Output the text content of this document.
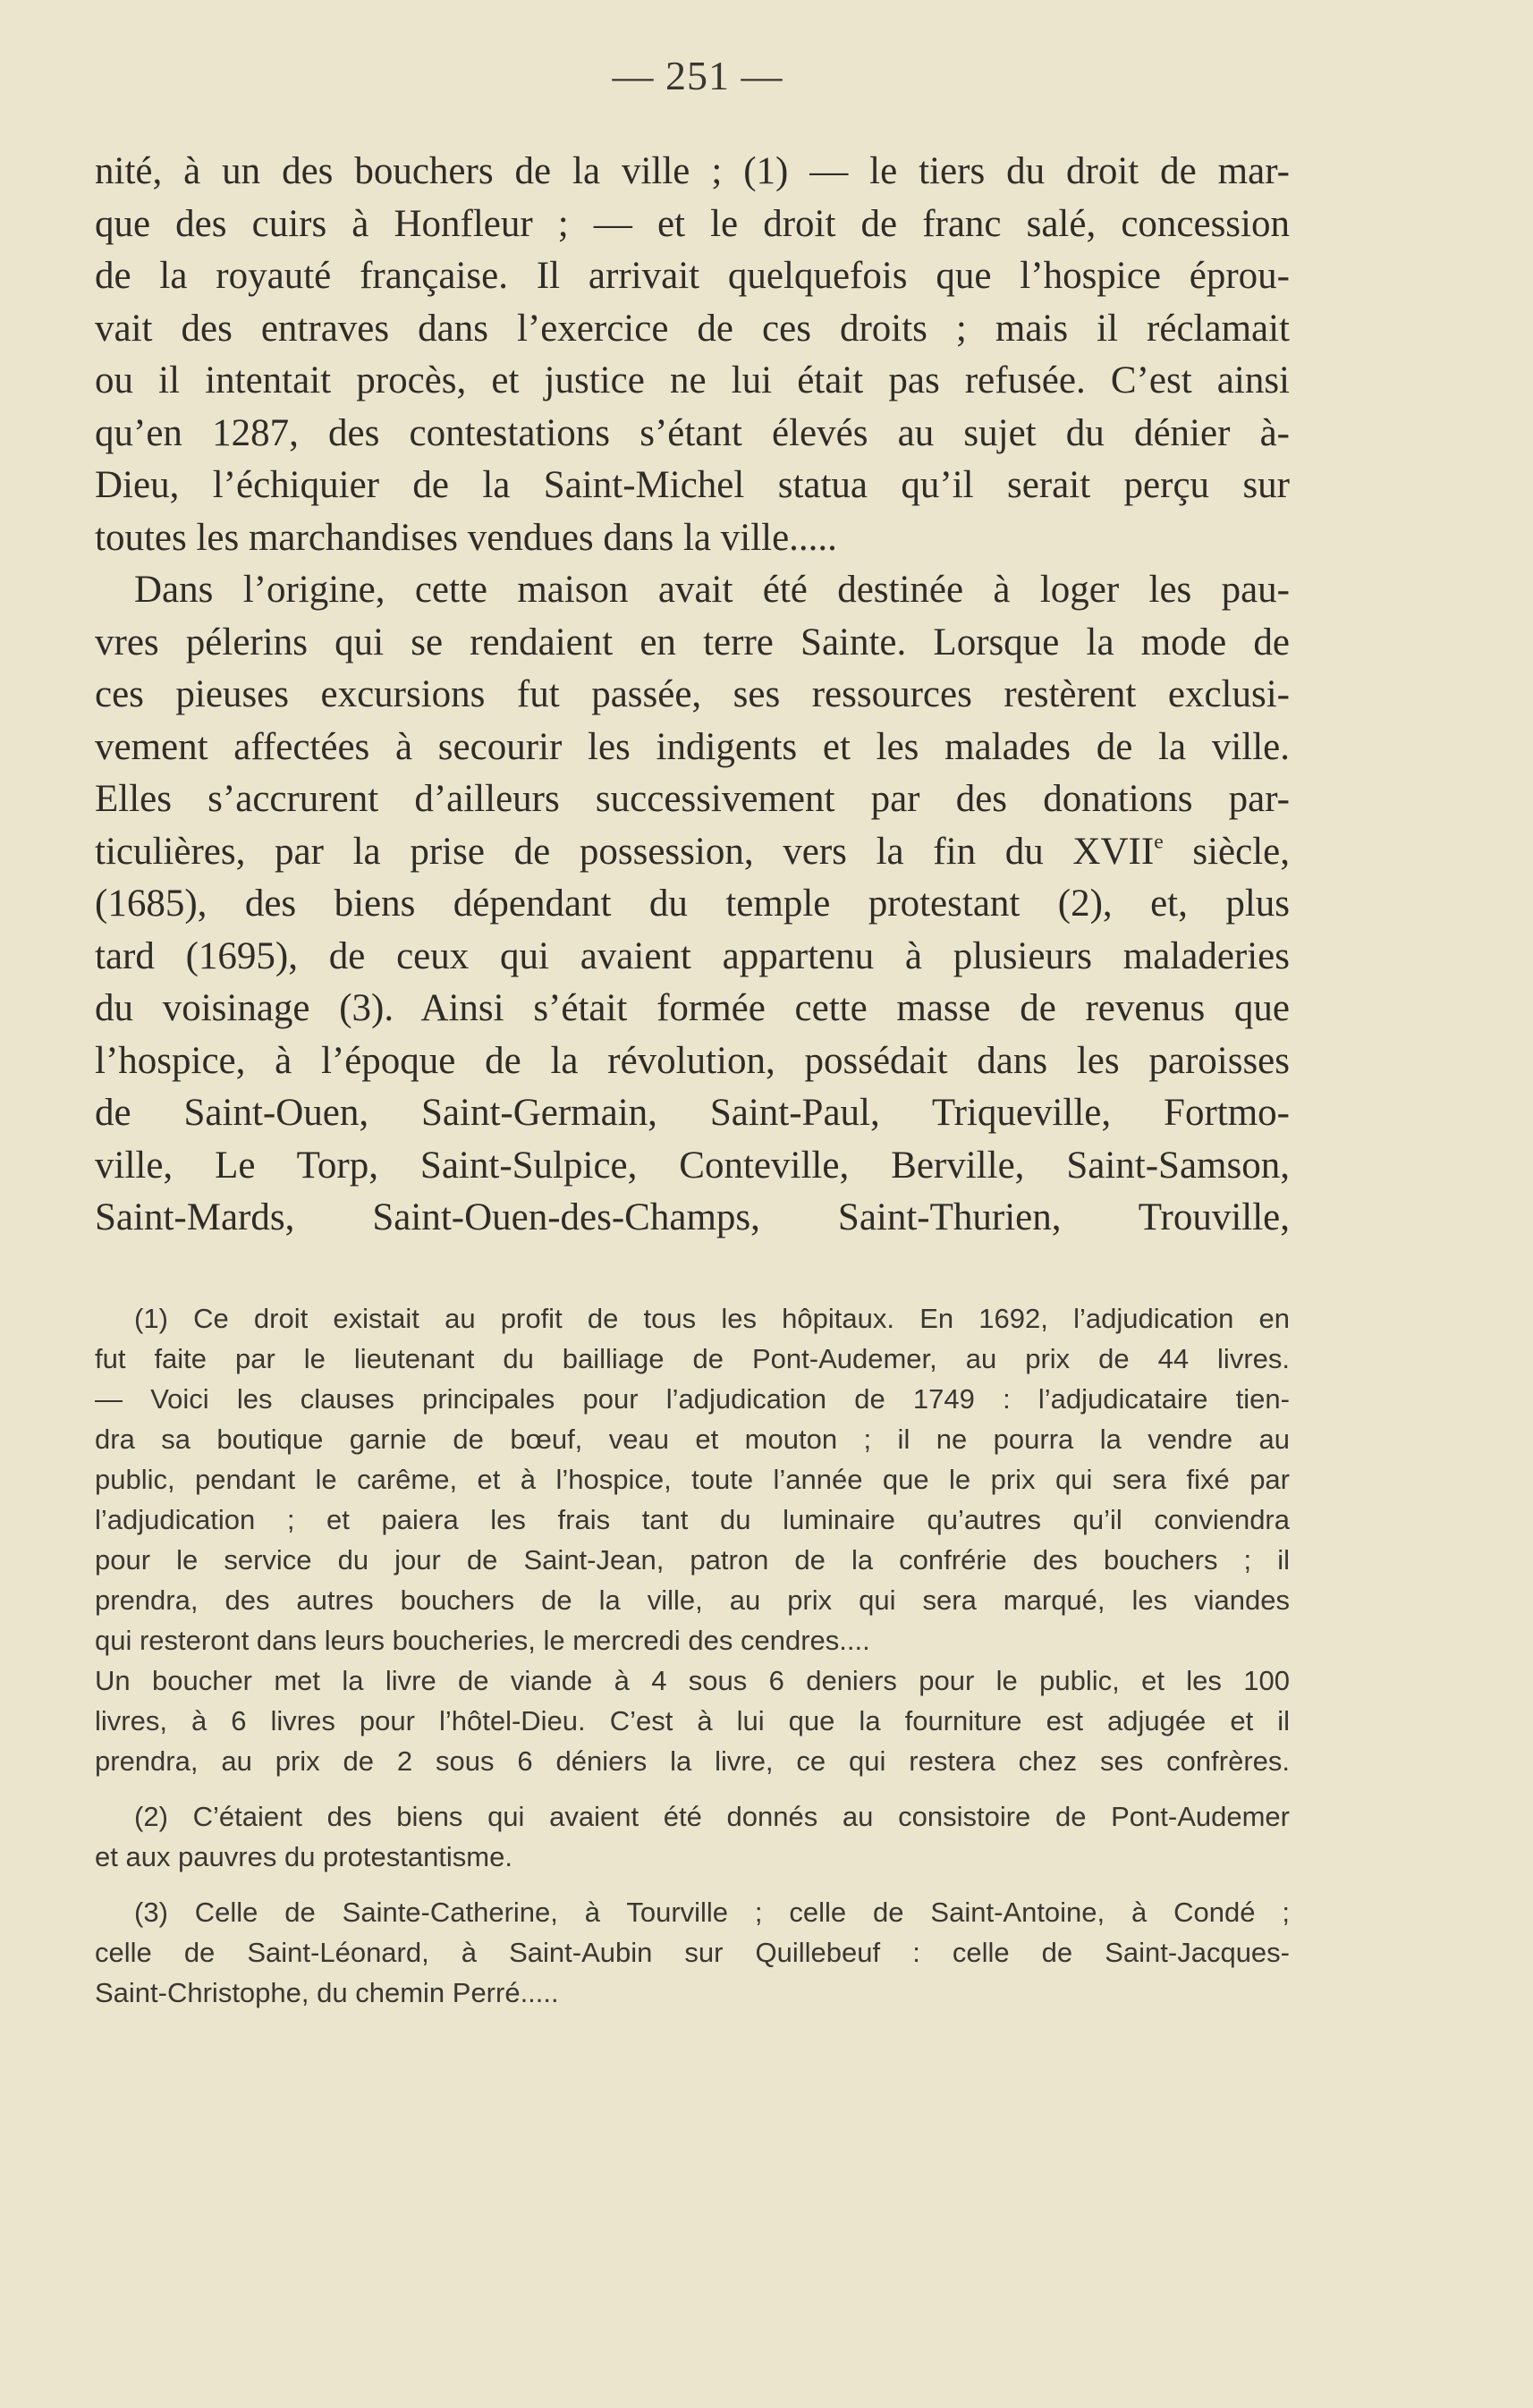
— 251 —
nité, à un des bouchers de la ville ; (1) — le tiers du droit de mar-
que des cuirs à Honfleur ; — et le droit de franc salé, concession
de la royauté française. Il arrivait quelquefois que l’hospice éprou-
vait des entraves dans l’exercice de ces droits ; mais il réclamait
ou il intentait procès, et justice ne lui était pas refusée. C’est ainsi
qu’en 1287, des contestations s’étant élevés au sujet du dénier à-
Dieu, l’échiquier de la Saint-Michel statua qu’il serait perçu sur
toutes les marchandises vendues dans la ville.....
Dans l’origine, cette maison avait été destinée à loger les pau-
vres pélerins qui se rendaient en terre Sainte. Lorsque la mode de
ces pieuses excursions fut passée, ses ressources restèrent exclusi-
vement affectées à secourir les indigents et les malades de la ville.
Elles s’accrurent d’ailleurs successivement par des donations par-
ticulières, par la prise de possession, vers la fin du XVIIe siècle,
(1685), des biens dépendant du temple protestant (2), et, plus
tard (1695), de ceux qui avaient appartenu à plusieurs maladeries
du voisinage (3). Ainsi s’était formée cette masse de revenus que
l’hospice, à l’époque de la révolution, possédait dans les paroisses
de Saint-Ouen, Saint-Germain, Saint-Paul, Triqueville, Fortmo-
ville, Le Torp, Saint-Sulpice, Conteville, Berville, Saint-Samson,
Saint-Mards, Saint-Ouen-des-Champs, Saint-Thurien, Trouville,
(1) Ce droit existait au profit de tous les hôpitaux. En 1692, l’adjudication en
fut faite par le lieutenant du bailliage de Pont-Audemer, au prix de 44 livres.
— Voici les clauses principales pour l’adjudication de 1749 : l’adjudicataire tien-
dra sa boutique garnie de bœuf, veau et mouton ; il ne pourra la vendre au
public, pendant le carême, et à l’hospice, toute l’année que le prix qui sera fixé par
l’adjudication ; et paiera les frais tant du luminaire qu’autres qu’il conviendra
pour le service du jour de Saint-Jean, patron de la confrérie des bouchers ; il
prendra, des autres bouchers de la ville, au prix qui sera marqué, les viandes
qui resteront dans leurs boucheries, le mercredi des cendres....
Un boucher met la livre de viande à 4 sous 6 deniers pour le public, et les 100
livres, à 6 livres pour l’hôtel-Dieu. C’est à lui que la fourniture est adjugée et il
prendra, au prix de 2 sous 6 déniers la livre, ce qui restera chez ses confrères.
(2) C’étaient des biens qui avaient été donnés au consistoire de Pont-Audemer
et aux pauvres du protestantisme.
(3) Celle de Sainte-Catherine, à Tourville ; celle de Saint-Antoine, à Condé ;
celle de Saint-Léonard, à Saint-Aubin sur Quillebeuf : celle de Saint-Jacques-
Saint-Christophe, du chemin Perré.....
